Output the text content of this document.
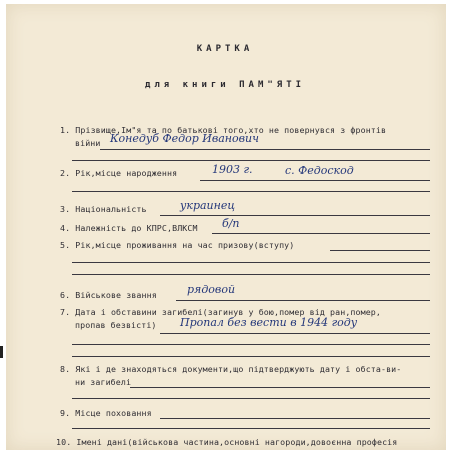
КАРТКА
для книги ПАМ"ЯТІ
1. Прізвище,Ім"я та по батькові того,хто не повернувся з фронтів
війни Конедуб Федор Иванович
2. Рік,місце народження	1903 г.	с. Федоскод
3. Національність	украинец
4. Належність до КПРС,ВЛКСМ б/п
5. Рік,місце проживання на час призову(вступу)
6. Військове звання	рядовой
7. Дата і обставини загибелі(загинув у бою,помер від ран,помер,
пропав безвісті) Пропал без вести в 1944 году
8. Які і де знаходяться документи,що підтверджують дату і обста-ви-
ни загибелі
9. Місце поховання
10. Імені дані(військова частина,основні нагороди,довоєнна професія
